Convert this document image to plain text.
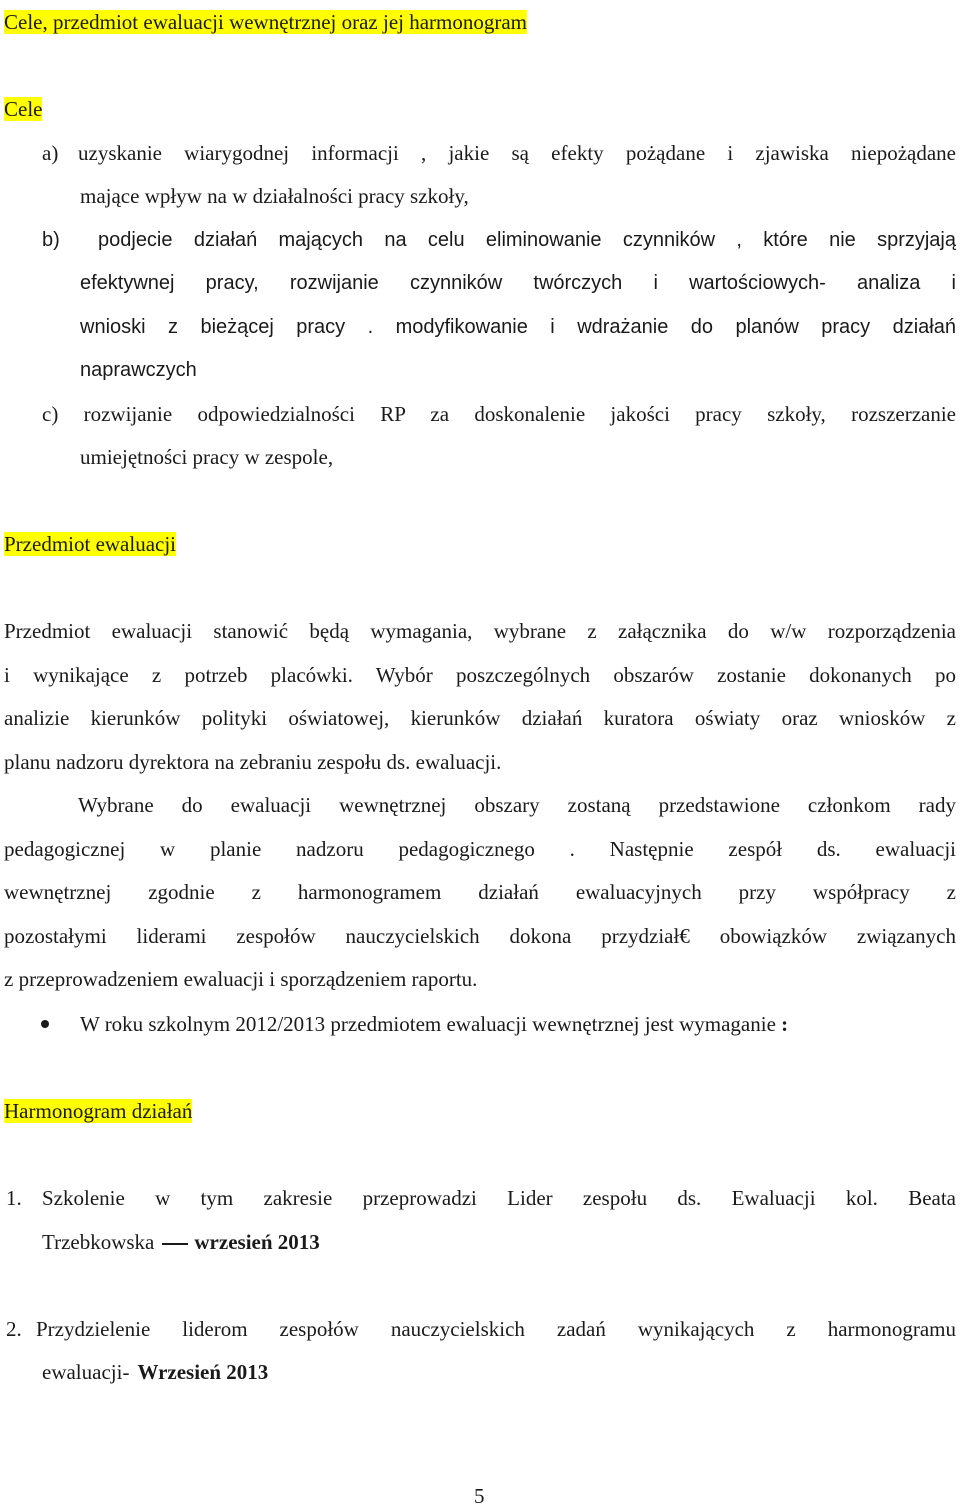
Cele, przedmiot ewaluacji wewnętrznej oraz jej harmonogram
Cele
a) uzyskanie wiarygodnej informacji , jakie są efekty pożądane i zjawiska niepożądane
mające wpływ na w działalności pracy szkoły,
b) podjecie działań mających na celu eliminowanie czynników , które nie sprzyjają
efektywnej pracy, rozwijanie czynników twórczych i wartościowych- analiza i
wnioski z bieżącej pracy . modyfikowanie i wdrażanie do planów pracy działań
naprawczych
c) rozwijanie odpowiedzialności RP za doskonalenie jakości pracy szkoły, rozszerzanie
umiejętności pracy w zespole,
Przedmiot ewaluacji
Przedmiot ewaluacji stanowić będą wymagania, wybrane z załącznika do w/w rozporządzenia
i wynikające z potrzeb placówki. Wybór poszczególnych obszarów zostanie dokonanych po
analizie kierunków polityki oświatowej, kierunków działań kuratora oświaty oraz wniosków z
planu nadzoru dyrektora na zebraniu zespołu ds. ewaluacji.
Wybrane do ewaluacji wewnętrznej obszary zostaną przedstawione członkom rady
pedagogicznej w planie nadzoru pedagogicznego . Następnie zespół ds. ewaluacji
wewnętrznej zgodnie z harmonogramem działań ewaluacyjnych przy współpracy z
pozostałymi liderami zespołów nauczycielskich dokona przydział€ obowiązków związanych
z przeprowadzeniem ewaluacji i sporządzeniem raportu.
W roku szkolnym 2012/2013 przedmiotem ewaluacji wewnętrznej jest wymaganie :
Harmonogram działań
1. Szkolenie w tym zakresie przeprowadzi Lider zespołu ds. Ewaluacji kol. Beata
Trzebkowska wrzesień 2013
2. Przydzielenie liderom zespołów nauczycielskich zadań wynikających z harmonogramu
ewaluacji- Wrzesień 2013
5
